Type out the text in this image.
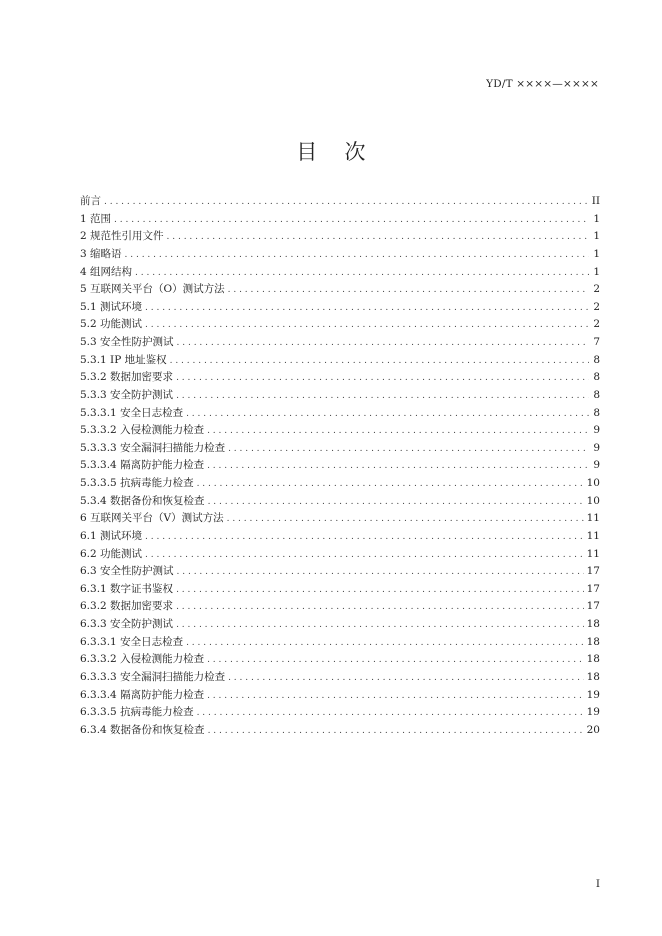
YD/T ××××—××××
目 次
前言 . . .	II
1 范围 . . .	1
2 规范性引用文件 . . .	1
3 缩略语 . . .	1
4 组网结构 . . .	1
5 互联网关平台（O）测试方法 . . .	2
5.1 测试环境 . . .	2
5.2 功能测试 . . .	2
5.3 安全性防护测试 . . .	7
5.3.1 IP 地址鉴权 . . .	8
5.3.2 数据加密要求 . . .	8
5.3.3 安全防护测试 . . .	8
5.3.3.1 安全日志检查 . . .	8
5.3.3.2 入侵检测能力检查 . . .	9
5.3.3.3 安全漏洞扫描能力检查 . . .	9
5.3.3.4 隔离防护能力检查 . . .	9
5.3.3.5 抗病毒能力检查 . . .	10
5.3.4 数据备份和恢复检查 . . .	10
6 互联网关平台（V）测试方法 . . .	11
6.1 测试环境 . . .	11
6.2 功能测试 . . .	11
6.3 安全性防护测试 . . .	17
6.3.1 数字证书鉴权 . . .	17
6.3.2 数据加密要求 . . .	17
6.3.3 安全防护测试 . . .	18
6.3.3.1 安全日志检查 . . .	18
6.3.3.2 入侵检测能力检查 . . .	18
6.3.3.3 安全漏洞扫描能力检查 . . .	18
6.3.3.4 隔离防护能力检查 . . .	19
6.3.3.5 抗病毒能力检查 . . .	19
6.3.4 数据备份和恢复检查 . . .	20
I
